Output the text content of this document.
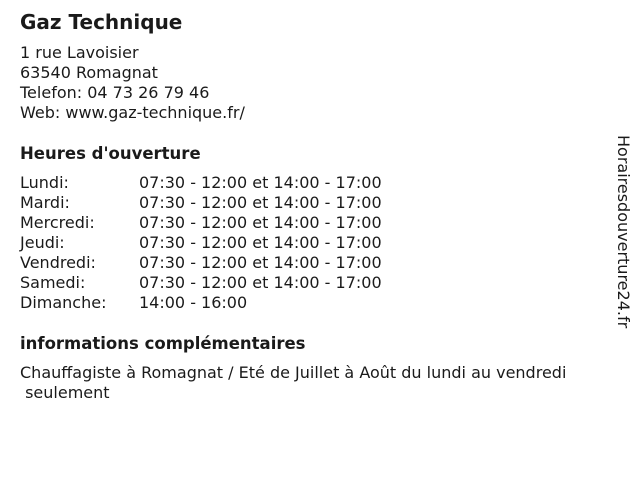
Gaz Technique
1 rue Lavoisier
63540 Romagnat
Telefon: 04 73 26 79 46
Web: www.gaz-technique.fr/
Heures d'ouverture
Lundi:	07:30 - 12:00 et 14:00 - 17:00
Mardi:	07:30 - 12:00 et 14:00 - 17:00
Mercredi:	07:30 - 12:00 et 14:00 - 17:00
Jeudi:	07:30 - 12:00 et 14:00 - 17:00
Vendredi:	07:30 - 12:00 et 14:00 - 17:00
Samedi:	07:30 - 12:00 et 14:00 - 17:00
Dimanche:	14:00 - 16:00
informations complémentaires
Chauffagiste à Romagnat / Eté de Juillet à Août du lundi au vendredi
seulement
Horairesdouverture24.fr
